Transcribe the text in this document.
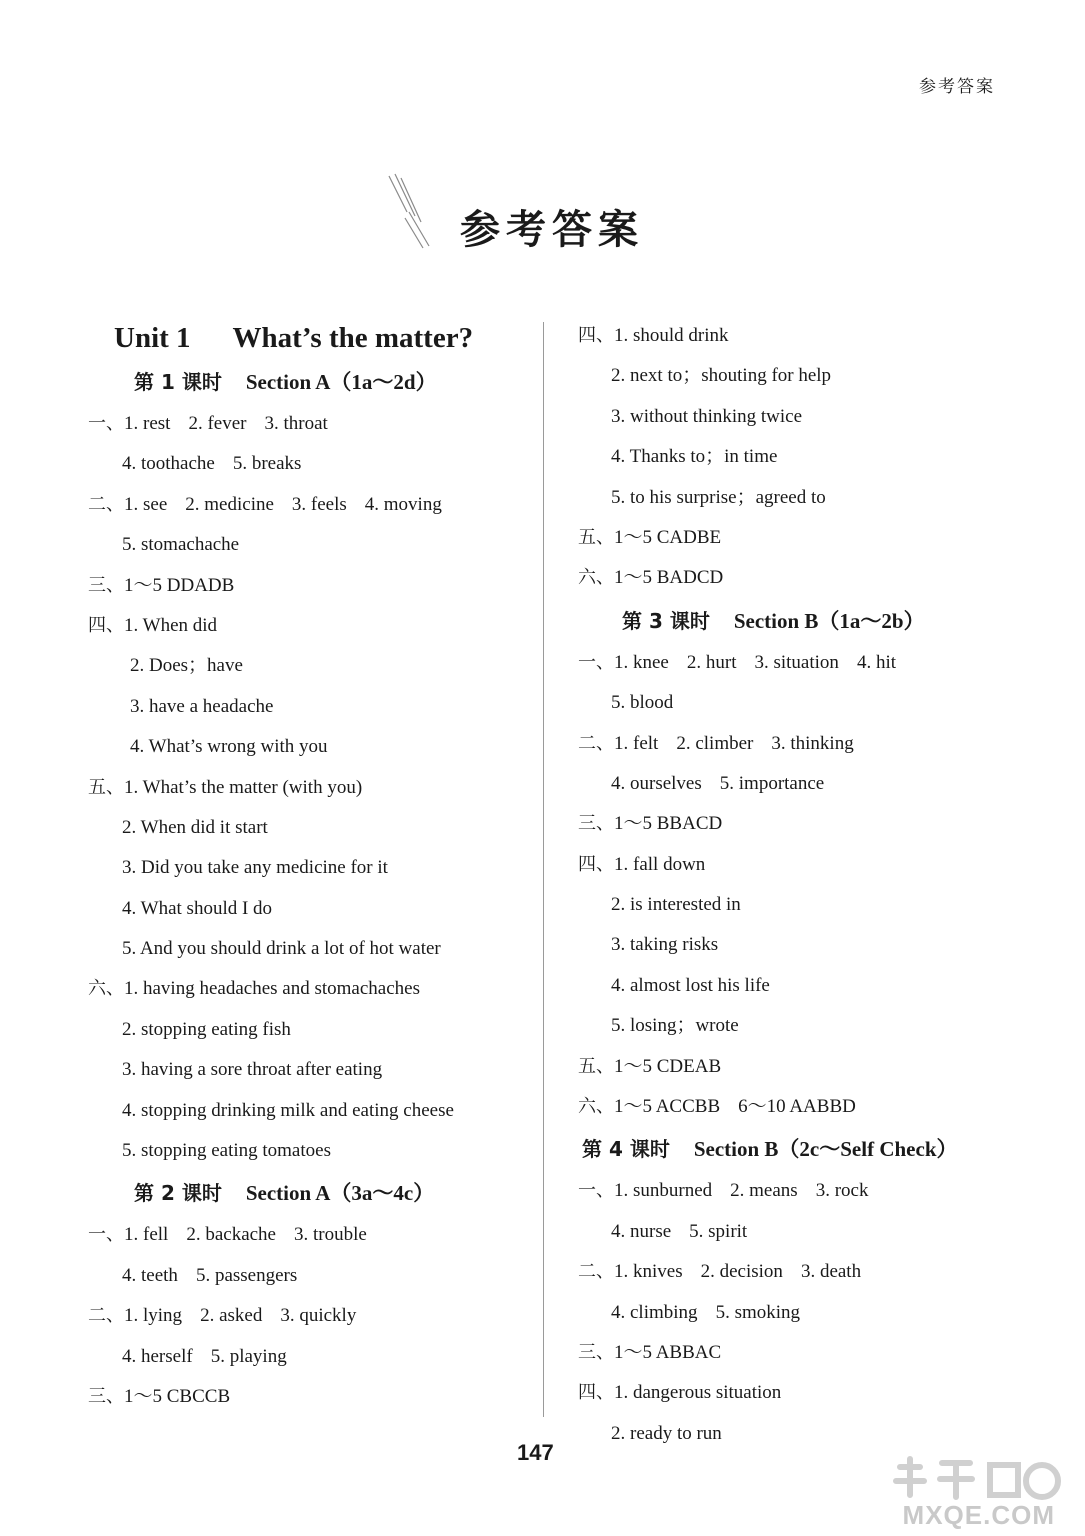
参考答案
参考答案
Unit 1 What’s the matter?
第 1 课时 Section A（1a～2d）
一、1. rest 2. fever 3. throat
4. toothache 5. breaks
二、1. see 2. medicine 3. feels 4. moving
5. stomachache
三、1～5 DDADB
四、1. When did
2. Does；have
3. have a headache
4. What’s wrong with you
五、1. What’s the matter (with you)
2. When did it start
3. Did you take any medicine for it
4. What should I do
5. And you should drink a lot of hot water
六、1. having headaches and stomachaches
2. stopping eating fish
3. having a sore throat after eating
4. stopping drinking milk and eating cheese
5. stopping eating tomatoes
第 2 课时 Section A（3a～4c）
一、1. fell 2. backache 3. trouble
4. teeth 5. passengers
二、1. lying 2. asked 3. quickly
4. herself 5. playing
三、1～5 CBCCB
四、1. should drink
2. next to；shouting for help
3. without thinking twice
4. Thanks to；in time
5. to his surprise；agreed to
五、1～5 CADBE
六、1～5 BADCD
第 3 课时 Section B（1a～2b）
一、1. knee 2. hurt 3. situation 4. hit
5. blood
二、1. felt 2. climber 3. thinking
4. ourselves 5. importance
三、1～5 BBACD
四、1. fall down
2. is interested in
3. taking risks
4. almost lost his life
5. losing；wrote
五、1～5 CDEAB
六、1～5 ACCBB 6～10 AABBD
第 4 课时 Section B（2c～Self Check）
一、1. sunburned 2. means 3. rock
4. nurse 5. spirit
二、1. knives 2. decision 3. death
4. climbing 5. smoking
三、1～5 ABBAC
四、1. dangerous situation
2. ready to run
147
MXQE.COM
